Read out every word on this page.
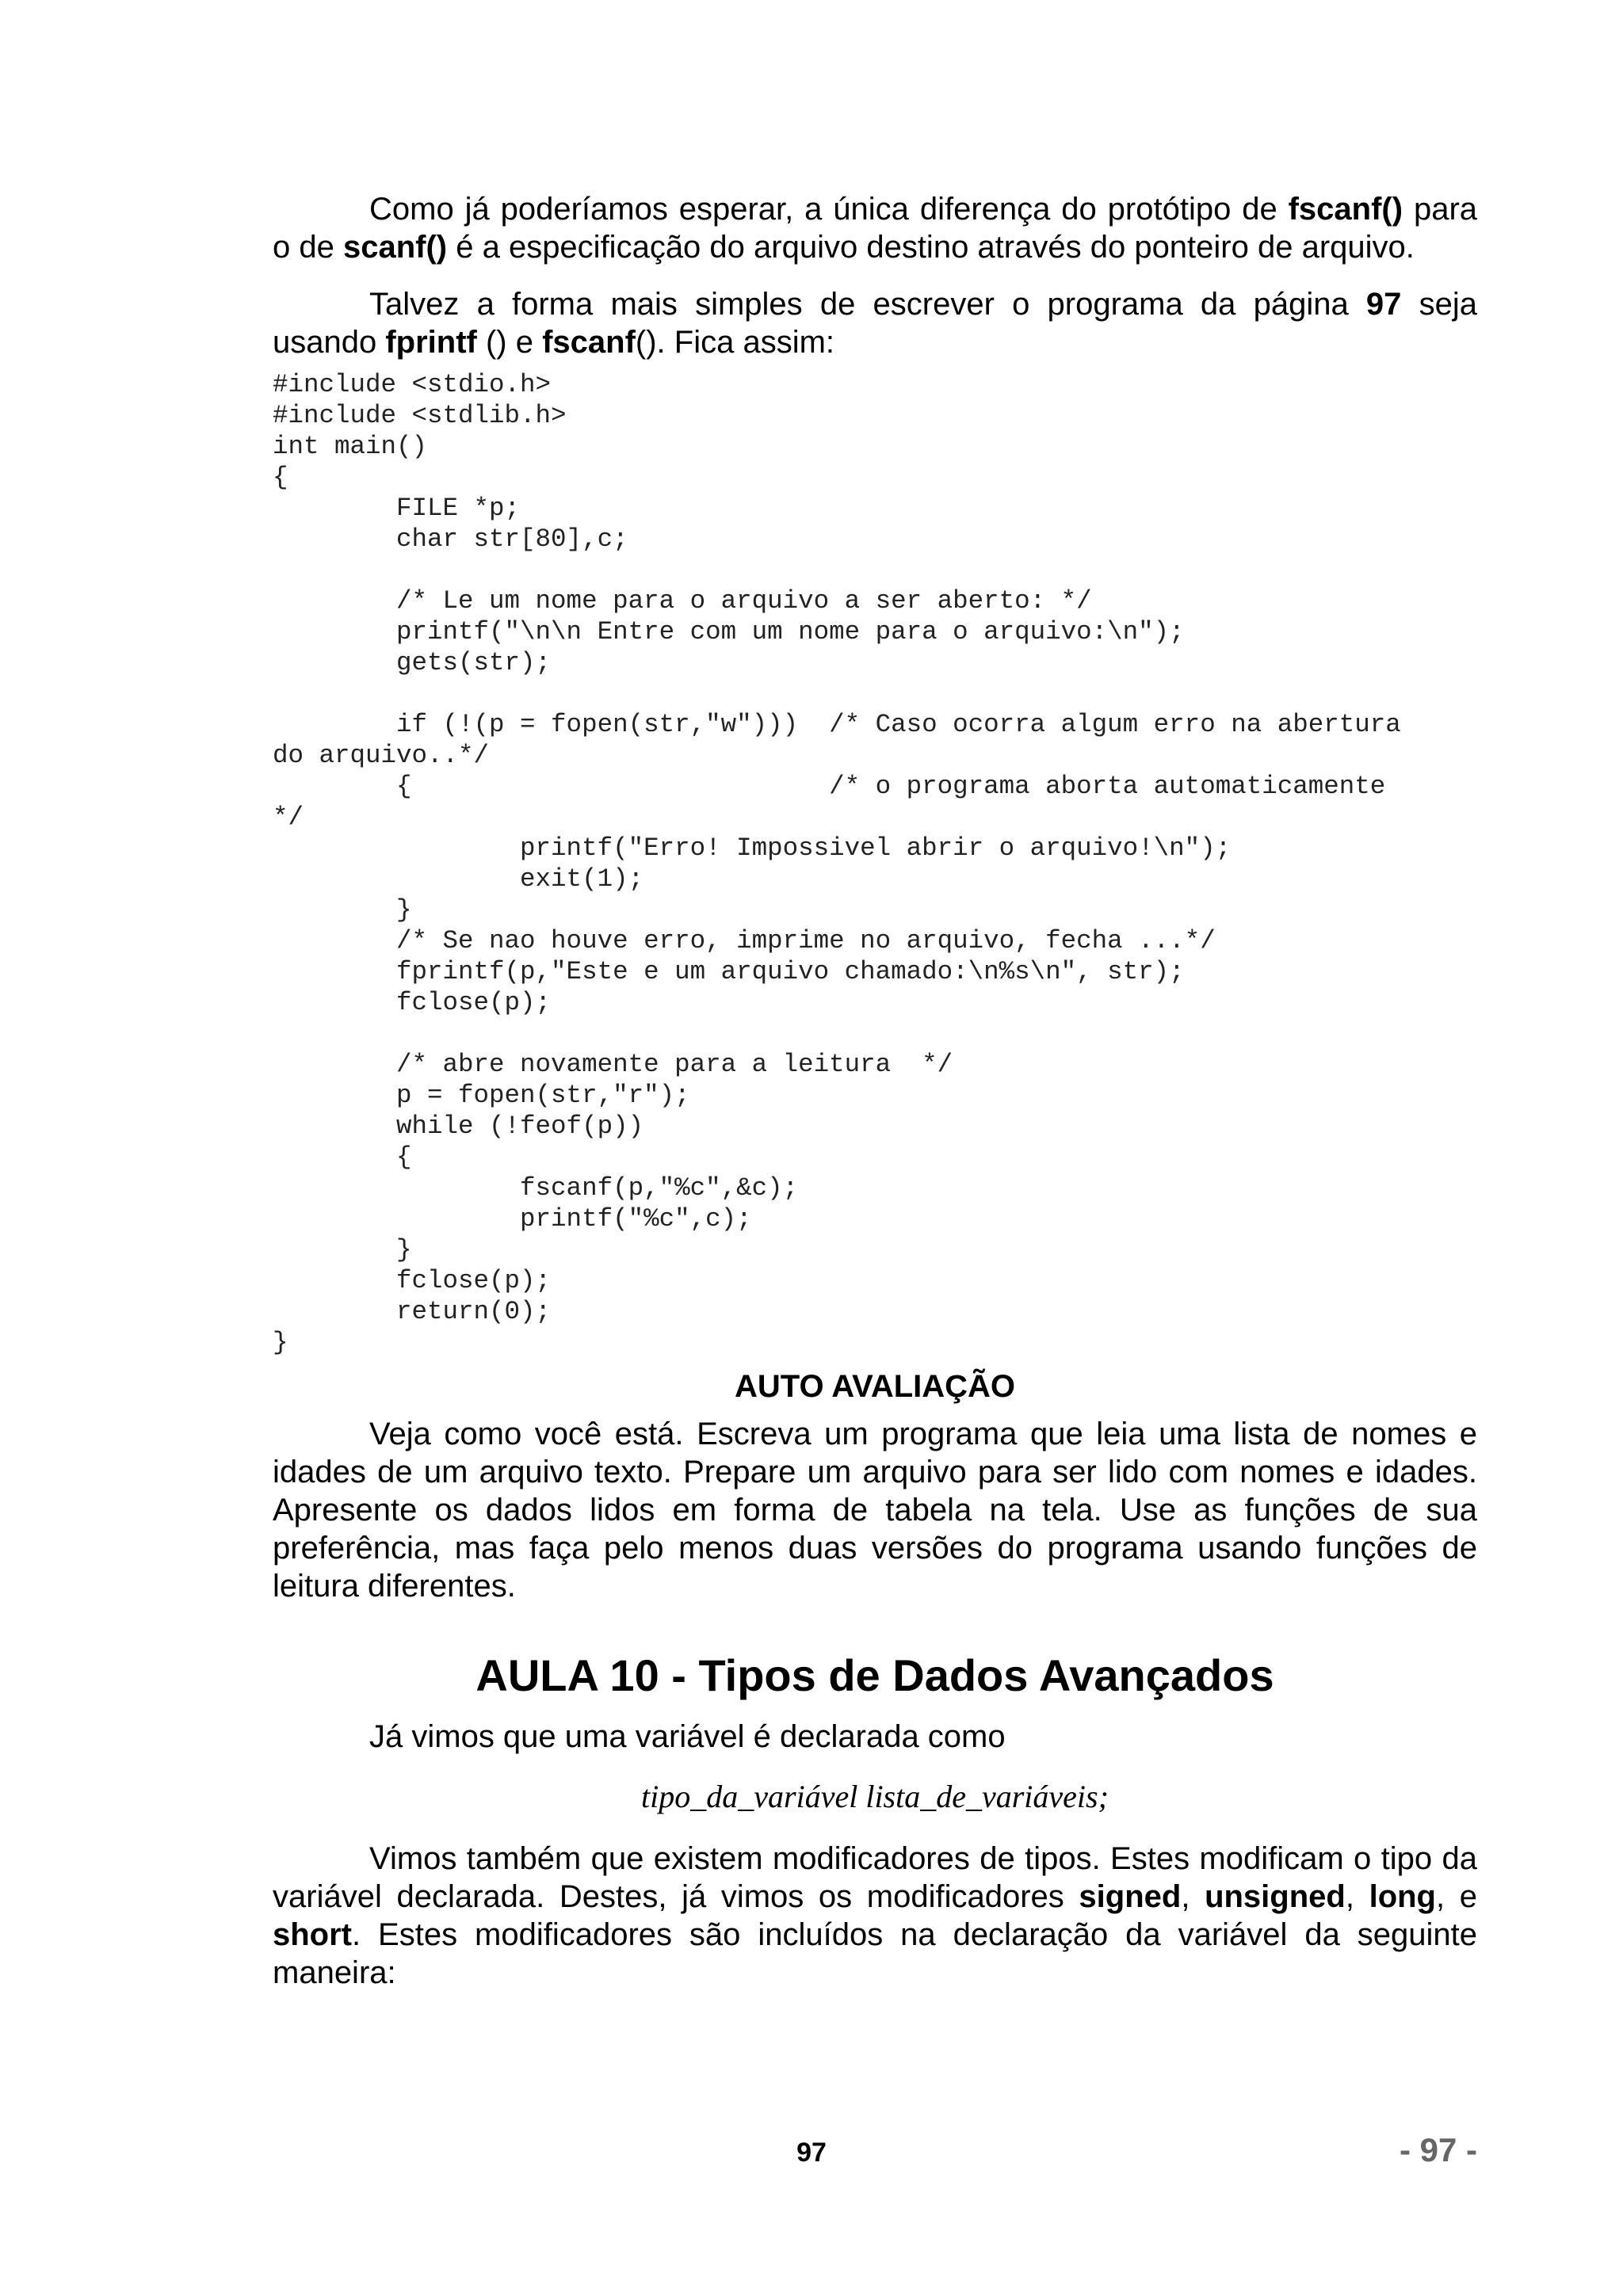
Como já poderíamos esperar, a única diferença do protótipo de fscanf() para o de scanf() é a especificação do arquivo destino através do ponteiro de arquivo.

Talvez a forma mais simples de escrever o programa da página 97 seja usando fprintf () e fscanf(). Fica assim:

#include <stdio.h>
#include <stdlib.h>
int main()
{
FILE *p;
char str[80],c;

/* Le um nome para o arquivo a ser aberto: */
printf("\n\n Entre com um nome para o arquivo:\n");
gets(str);

if (!(p = fopen(str,"w")))  /* Caso ocorra algum erro na abertura
do arquivo..*/
{                           /* o programa aborta automaticamente
*/
printf("Erro! Impossivel abrir o arquivo!\n");
exit(1);
}
/* Se nao houve erro, imprime no arquivo, fecha ...*/
fprintf(p,"Este e um arquivo chamado:\n%s\n", str);
fclose(p);

/* abre novamente para a leitura  */
p = fopen(str,"r");
while (!feof(p))
{
fscanf(p,"%c",&c);
printf("%c",c);
}
fclose(p);
return(0);
}
AUTO AVALIAÇÃO

Veja como você está. Escreva um programa que leia uma lista de nomes e idades de um arquivo texto. Prepare um arquivo para ser lido com nomes e idades. Apresente os dados lidos em forma de tabela na tela. Use as funções de sua preferência, mas faça pelo menos duas versões do programa usando funções de leitura diferentes.

AULA 10 - Tipos de Dados Avançados

Já vimos que uma variável é declarada como

tipo_da_variável lista_de_variáveis;

Vimos também que existem modificadores de tipos. Estes modificam o tipo da variável declarada. Destes, já vimos os modificadores signed, unsigned, long, e short. Estes modificadores são incluídos na declaração da variável da seguinte maneira:

97	- 97 -
